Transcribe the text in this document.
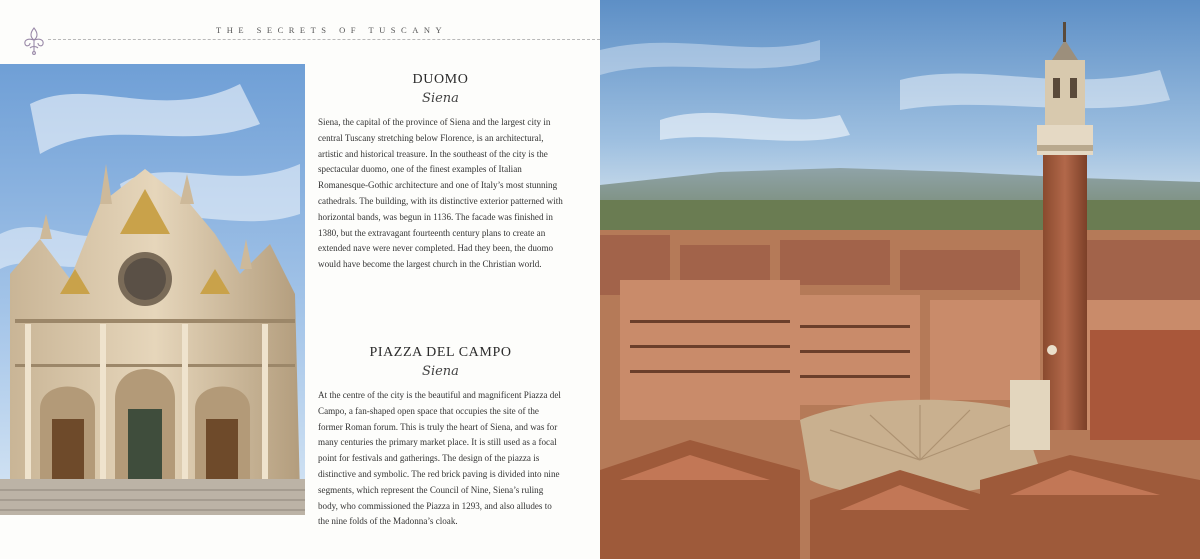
THE SECRETS OF TUSCANY
DUOMO
Siena
Siena, the capital of the province of Siena and the largest city in central Tuscany stretching below Florence, is an architectural, artistic and historical treasure. In the southeast of the city is the spectacular duomo, one of the finest examples of Italian Romanesque-Gothic architecture and one of Italy’s most stunning cathedrals. The building, with its distinctive exterior patterned with horizontal bands, was begun in 1136. The facade was finished in 1380, but the extravagant fourteenth century plans to create an extended nave were never completed. Had they been, the duomo would have become the largest church in the Christian world.
PIAZZA DEL CAMPO
Siena
At the centre of the city is the beautiful and magnificent Piazza del Campo, a fan-shaped open space that occupies the site of the former Roman forum. This is truly the heart of Siena, and was for many centuries the primary market place. It is still used as a focal point for festivals and gatherings. The design of the piazza is distinctive and symbolic. The red brick paving is divided into nine segments, which represent the Council of Nine, Siena’s ruling body, who commissioned the Piazza in 1293, and also alludes to the nine folds of the Madonna’s cloak.
